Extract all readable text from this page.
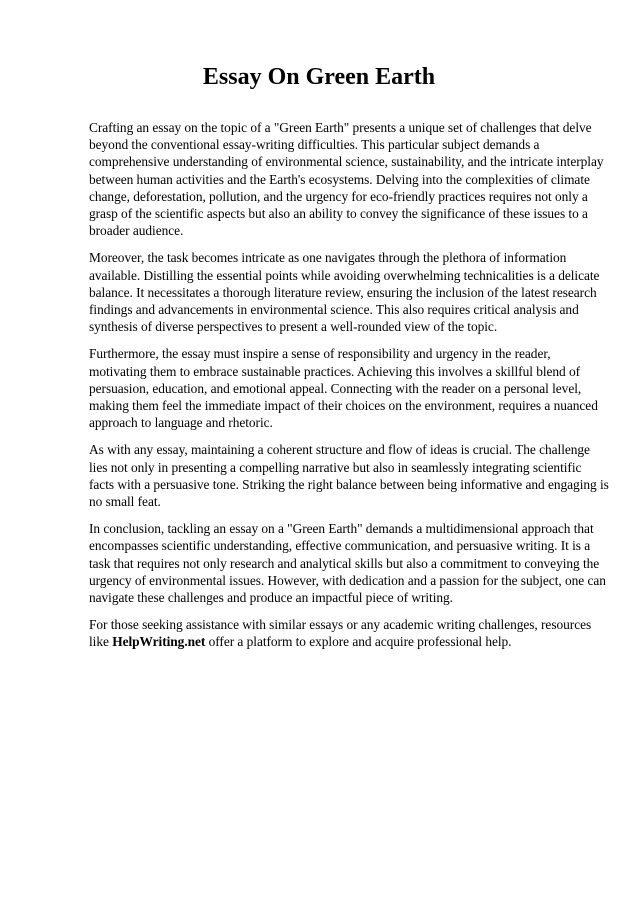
Essay On Green Earth

Crafting an essay on the topic of a "Green Earth" presents a unique set of challenges that delve beyond the conventional essay-writing difficulties. This particular subject demands a comprehensive understanding of environmental science, sustainability, and the intricate interplay between human activities and the Earth's ecosystems. Delving into the complexities of climate change, deforestation, pollution, and the urgency for eco-friendly practices requires not only a grasp of the scientific aspects but also an ability to convey the significance of these issues to a broader audience.

Moreover, the task becomes intricate as one navigates through the plethora of information available. Distilling the essential points while avoiding overwhelming technicalities is a delicate balance. It necessitates a thorough literature review, ensuring the inclusion of the latest research findings and advancements in environmental science. This also requires critical analysis and synthesis of diverse perspectives to present a well-rounded view of the topic.

Furthermore, the essay must inspire a sense of responsibility and urgency in the reader, motivating them to embrace sustainable practices. Achieving this involves a skillful blend of persuasion, education, and emotional appeal. Connecting with the reader on a personal level, making them feel the immediate impact of their choices on the environment, requires a nuanced approach to language and rhetoric.

As with any essay, maintaining a coherent structure and flow of ideas is crucial. The challenge lies not only in presenting a compelling narrative but also in seamlessly integrating scientific facts with a persuasive tone. Striking the right balance between being informative and engaging is no small feat.

In conclusion, tackling an essay on a "Green Earth" demands a multidimensional approach that encompasses scientific understanding, effective communication, and persuasive writing. It is a task that requires not only research and analytical skills but also a commitment to conveying the urgency of environmental issues. However, with dedication and a passion for the subject, one can navigate these challenges and produce an impactful piece of writing.

For those seeking assistance with similar essays or any academic writing challenges, resources like HelpWriting.net offer a platform to explore and acquire professional help.
